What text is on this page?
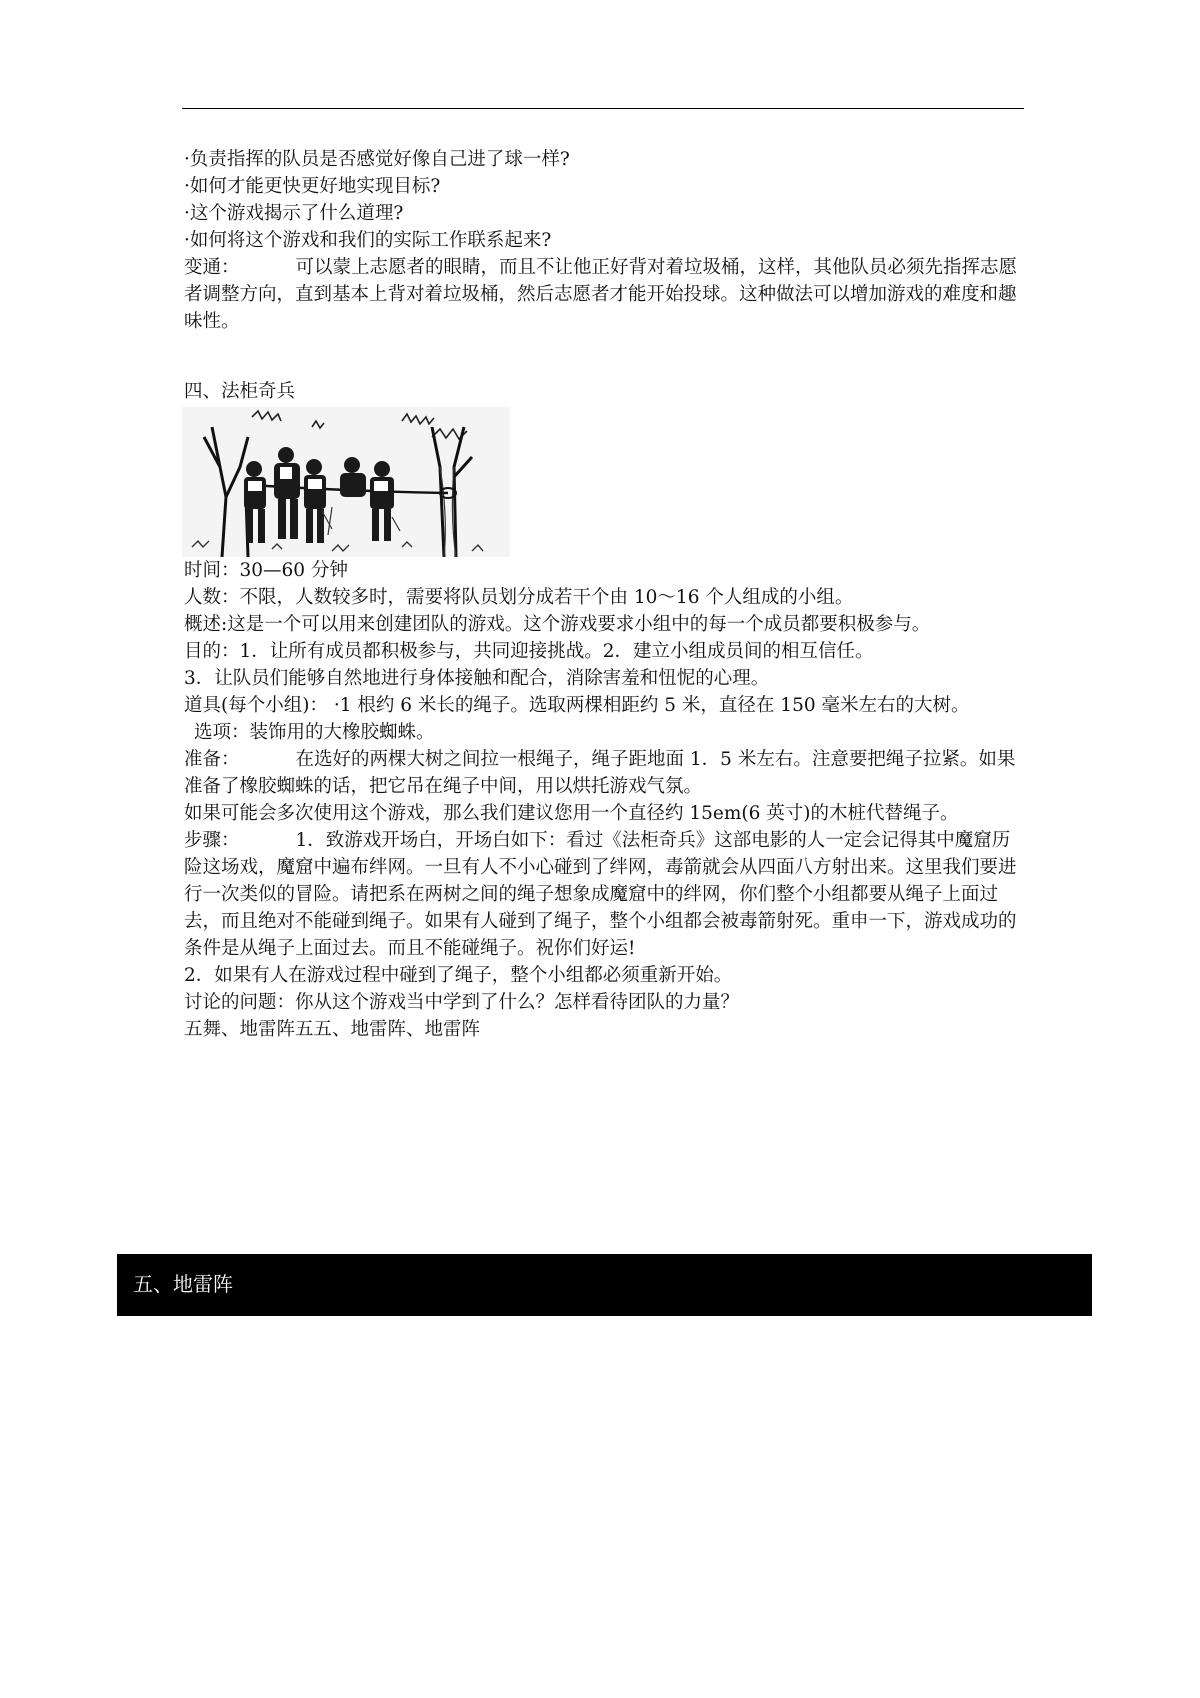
·负责指挥的队员是否感觉好像自己进了球一样?

·如何才能更快更好地实现目标?

·这个游戏揭示了什么道理?

·如何将这个游戏和我们的实际工作联系起来?

变通：	可以蒙上志愿者的眼睛，而且不让他正好背对着垃圾桶，这样，其他队员必须先指挥志愿者调整方向，直到基本上背对着垃圾桶，然后志愿者才能开始投球。这种做法可以增加游戏的难度和趣味性。

四、法柜奇兵

时间：30—60 分钟

人数：不限，人数较多时，需要将队员划分成若干个由 10～16 个人组成的小组。

概述:这是一个可以用来创建团队的游戏。这个游戏要求小组中的每一个成员都要积极参与。

目的：1．让所有成员都积极参与，共同迎接挑战。2．建立小组成员间的相互信任。

3．让队员们能够自然地进行身体接触和配合，消除害羞和忸怩的心理。

道具(每个小组)： ·1 根约 6 米长的绳子。选取两棵相距约 5 米，直径在 150 毫米左右的大树。

选项：装饰用的大橡胶蜘蛛。

准备：	在选好的两棵大树之间拉一根绳子，绳子距地面 1．5 米左右。注意要把绳子拉紧。如果准备了橡胶蜘蛛的话，把它吊在绳子中间，用以烘托游戏气氛。

如果可能会多次使用这个游戏，那么我们建议您用一个直径约 15em(6 英寸)的木桩代替绳子。

步骤：	1．致游戏开场白，开场白如下：看过《法柜奇兵》这部电影的人一定会记得其中魔窟历险这场戏，魔窟中遍布绊网。一旦有人不小心碰到了绊网，毒箭就会从四面八方射出来。这里我们要进行一次类似的冒险。请把系在两树之间的绳子想象成魔窟中的绊网，你们整个小组都要从绳子上面过去，而且绝对不能碰到绳子。如果有人碰到了绳子，整个小组都会被毒箭射死。重申一下，游戏成功的条件是从绳子上面过去。而且不能碰绳子。祝你们好运!

2．如果有人在游戏过程中碰到了绳子，整个小组都必须重新开始。

讨论的问题：你从这个游戏当中学到了什么？怎样看待团队的力量？

五舞、地雷阵五五、地雷阵、地雷阵

五、地雷阵
